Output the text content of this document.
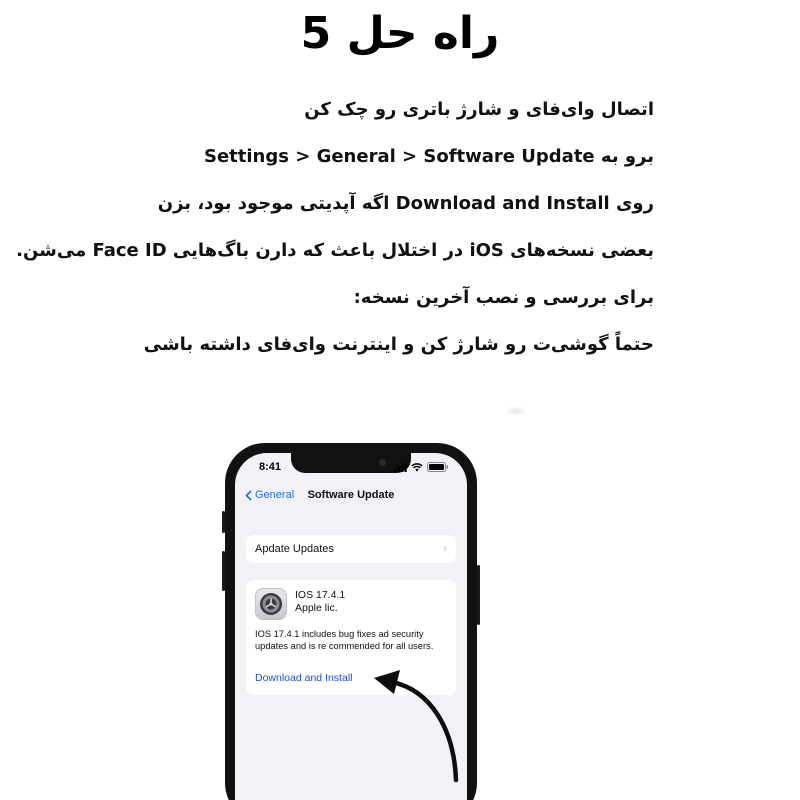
راه حل 5
اتصال وای‌فای و شارژ باتری رو چک کن
برو به Settings > General > Software Update
روی Download and Install اگه آپدیتی موجود بود، بزن
بعضی نسخه‌های iOS در اختلال باعث که دارن باگ‌هایی Face ID می‌شن.
برای بررسی و نصب آخرین نسخه:
حتماً گوشی‌ت رو شارژ کن و اینترنت وای‌فای داشته باشی
8:41
General	Software Update
Apdate Updates	›
IOS 17.4.1
Apple lic.
IOS 17.4.1 includes bug fixes ad security updates and is re commended for all users.
Download and Install
